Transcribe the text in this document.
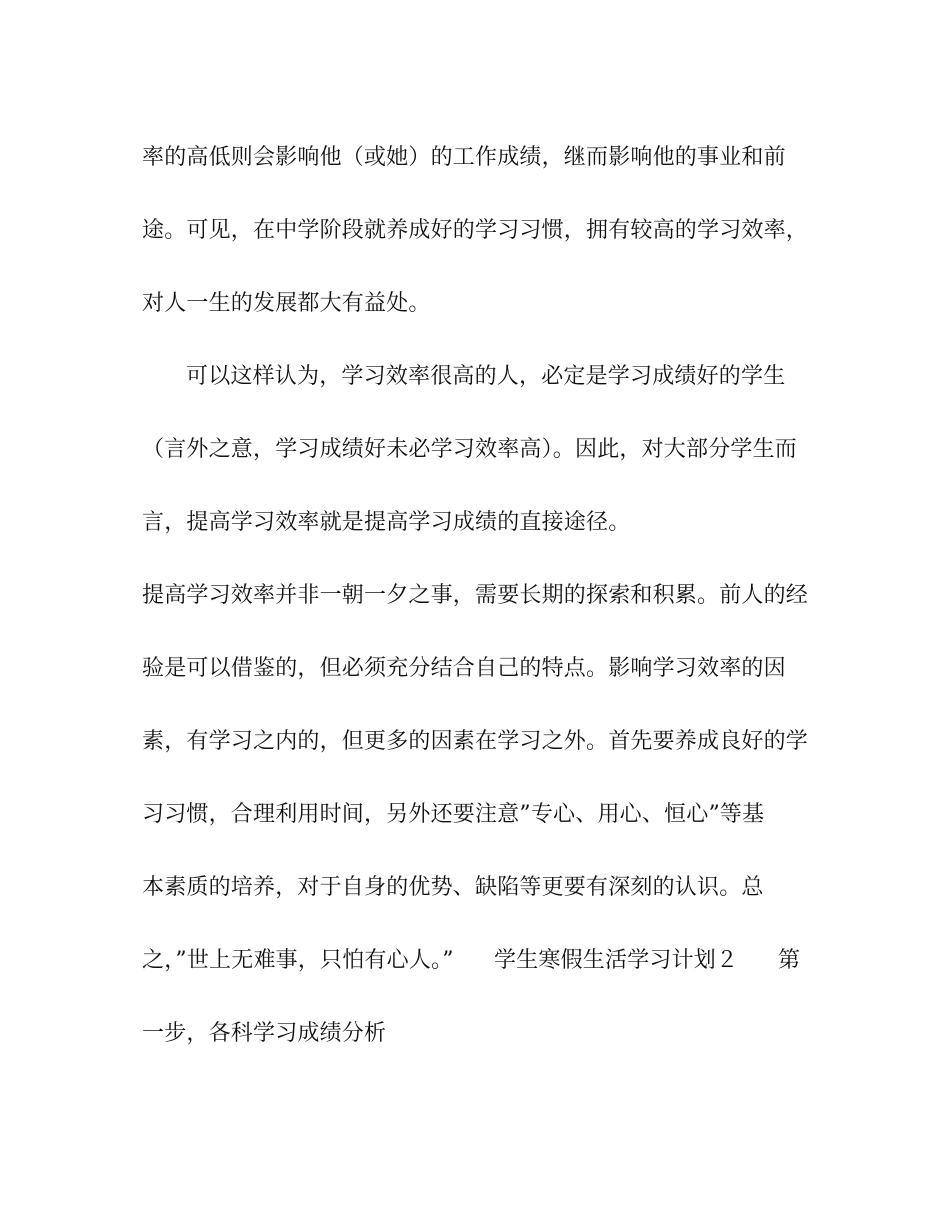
率的高低则会影响他（或她）的工作成绩，继而影响他的事业和前
途。可见，在中学阶段就养成好的学习习惯，拥有较高的学习效率，
对人一生的发展都大有益处。
可以这样认为，学习效率很高的人，必定是学习成绩好的学生
（言外之意，学习成绩好未必学习效率高）。因此，对大部分学生而
言，提高学习效率就是提高学习成绩的直接途径。
提高学习效率并非一朝一夕之事，需要长期的探索和积累。前人的经
验是可以借鉴的，但必须充分结合自己的特点。影响学习效率的因
素，有学习之内的，但更多的因素在学习之外。首先要养成良好的学
习习惯，合理利用时间，另外还要注意”专心、用心、恒心”等基
本素质的培养，对于自身的优势、缺陷等更要有深刻的认识。总
之，”世上无难事，只怕有心人。” 学生寒假生活学习计划２ 第
一步，各科学习成绩分析
